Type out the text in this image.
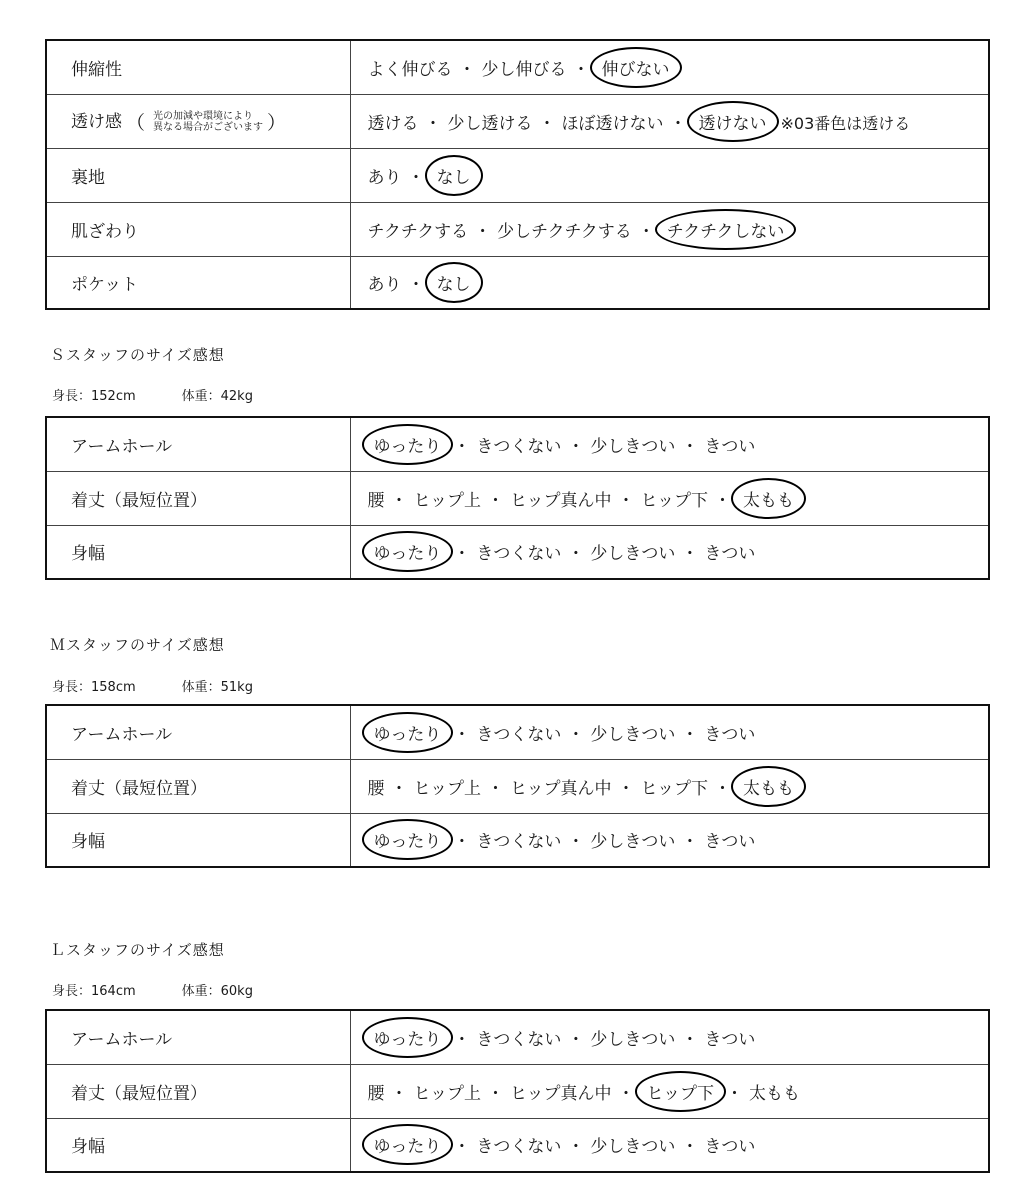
伸縮性	よく伸びる ・ 少し伸びる ・ 伸びない
透け感 （ 光の加減や環境により
異なる場合がございます ）	透ける ・ 少し透ける ・ ほぼ透けない ・ 透けない ※03番色は透ける
裏地	あり ・ なし
肌ざわり	チクチクする ・ 少しチクチクする ・ チクチクしない
ポケット	あり ・ なし
Ｓスタッフのサイズ感想
身長：152cm	体重：42kg
アームホール	ゆったり ・ きつくない ・ 少しきつい ・ きつい
着丈（最短位置）	腰 ・ ヒップ上 ・ ヒップ真ん中 ・ ヒップ下 ・ 太もも
身幅	ゆったり ・ きつくない ・ 少しきつい ・ きつい
Ｍスタッフのサイズ感想
身長：158cm	体重：51kg
アームホール	ゆったり ・ きつくない ・ 少しきつい ・ きつい
着丈（最短位置）	腰 ・ ヒップ上 ・ ヒップ真ん中 ・ ヒップ下 ・ 太もも
身幅	ゆったり ・ きつくない ・ 少しきつい ・ きつい
Ｌスタッフのサイズ感想
身長：164cm	体重：60kg
アームホール	ゆったり ・ きつくない ・ 少しきつい ・ きつい
着丈（最短位置）	腰 ・ ヒップ上 ・ ヒップ真ん中 ・ ヒップ下 ・ 太もも
身幅	ゆったり ・ きつくない ・ 少しきつい ・ きつい
